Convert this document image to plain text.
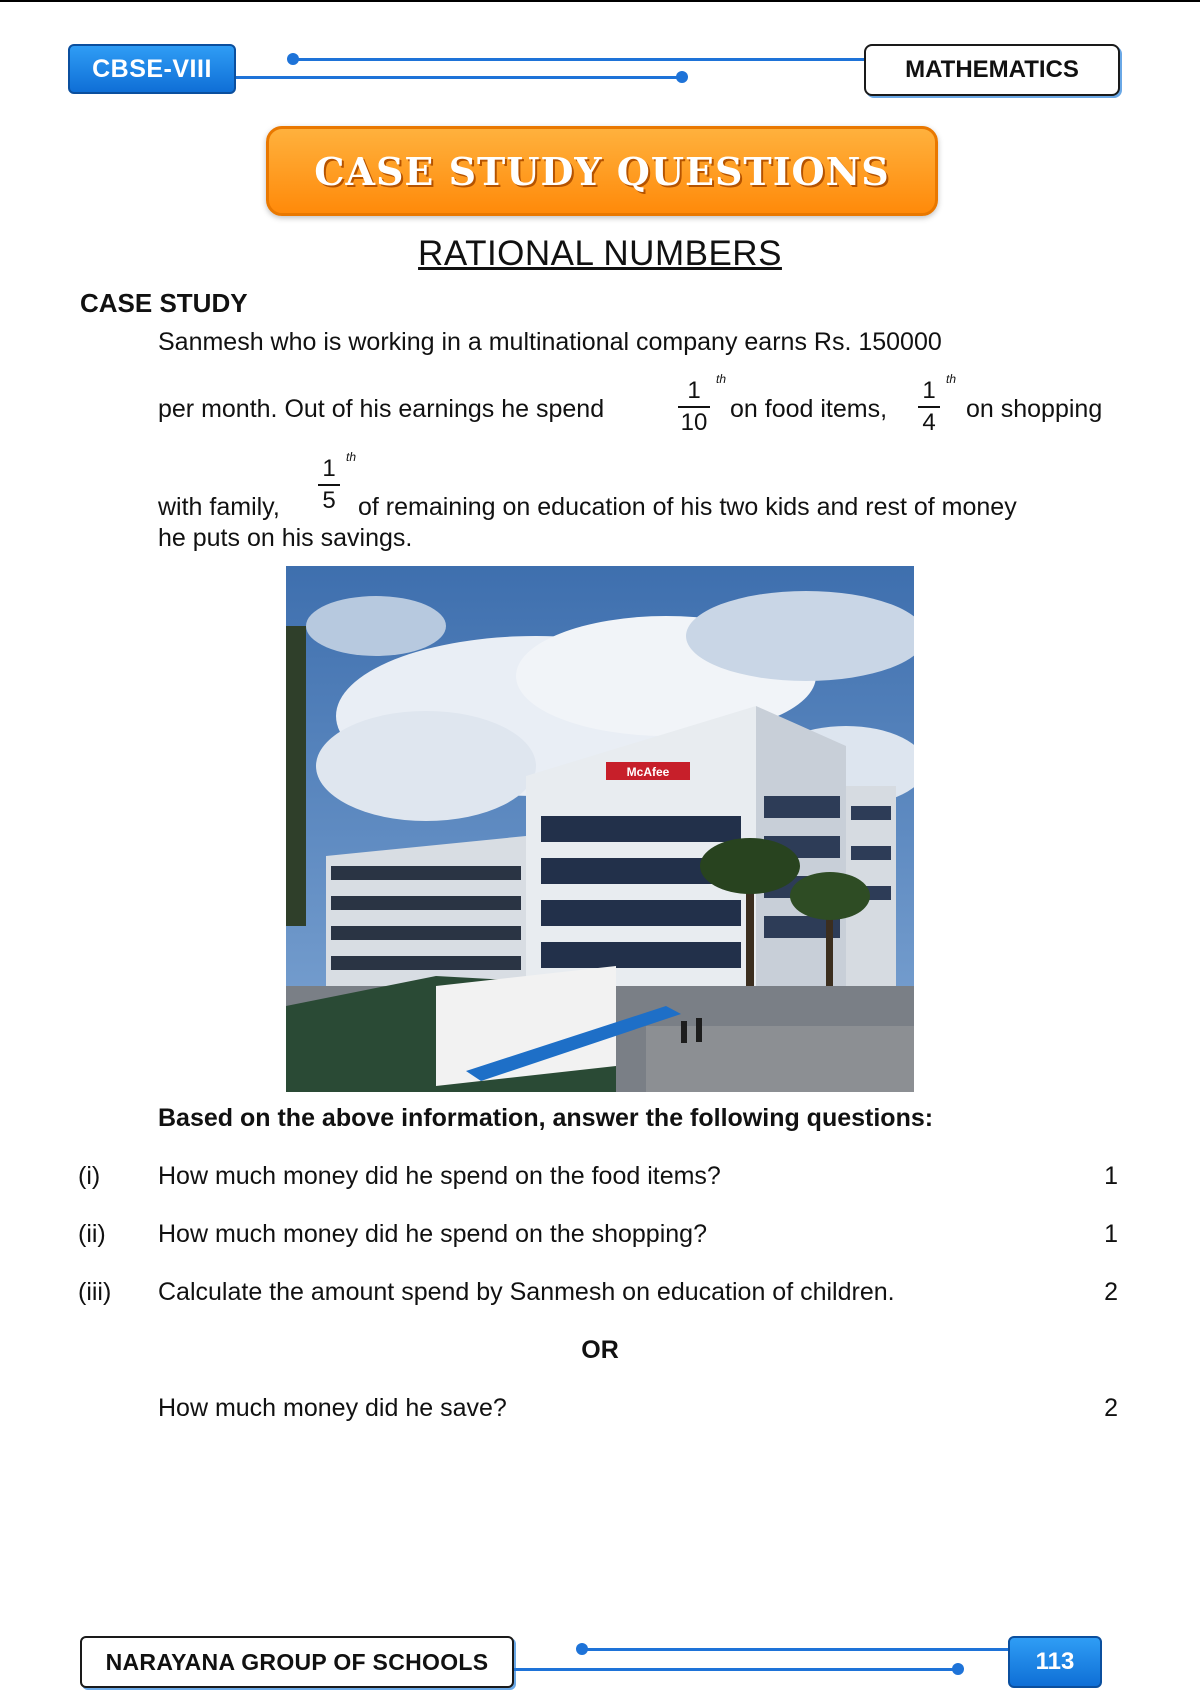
CBSE-VIII	MATHEMATICS
CASE STUDY QUESTIONS
RATIONAL NUMBERS
CASE STUDY
Sanmesh who is working in a multinational company earns Rs. 150000
per month. Out of his earnings he spend
1
10
th
on food items,
1
4
th
on shopping
1
5
th
with family,	of remaining on education of his two kids and rest of money
he puts on his savings.
McAfee
Based on the above information, answer the following questions:
(i) How much money did he spend on the food items?	1
(ii) How much money did he spend on the shopping?	1
(iii) Calculate the amount spend by Sanmesh on education of children.	2
OR
How much money did he save?	2
NARAYANA GROUP OF SCHOOLS	113
